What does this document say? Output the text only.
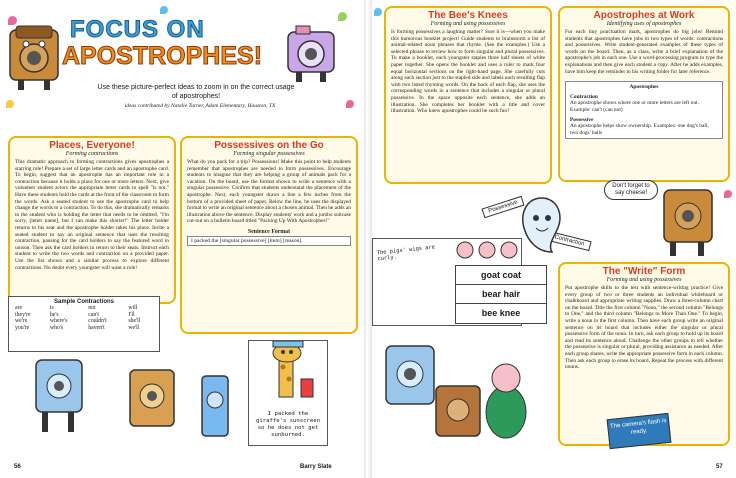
FOCUS ON
APOSTROPHES!
Use these picture-perfect ideas to zoom in on the correct usage of apostrophes!
ideas contributed by Natalie Turner, Adam Elementary, Houston, TX
Places, Everyone!
Forming contractions

This dramatic approach to forming contractions gives apostrophes a starring role! Prepare a set of large letter cards and an apostrophe card. To begin, suggest that an apostrophe has an important role in a contraction because it holds a place for one or more letters. Next, give volunteer student actors the appropriate letter cards to spell "is not." Have these students hold the cards at the front of the classroom to form the words. Ask a seated student to use the apostrophe card to help change the words to a contraction. To do this, she dramatically remarks to the student who is holding the letter that needs to be omitted, "I'm sorry, [letter name], but I can make this shorter!" The letter holder returns to his seat and the apostrophe holder takes his place. Invite a seated student to say an original sentence that uses the resulting contraction, pausing for the card holders to say the featured word in unison. Then ask the card holders to return to their seats. Instruct each student to write the two words and contraction on a provided paper. Use the list shown and a similar process to explore different contractions. No doubt every youngster will want a role!

Sample Contractions
are	is	not	will
they're	he's	can't	I'll
we're	where's	couldn't	she'll
you're	who's	haven't	we'll
Possessives on the Go
Forming singular possessives

What do you pack for a trip? Possessions! Make this point to help students remember that apostrophes are needed to form possessives. Encourage students to imagine that they are helping a group of animals pack for a vacation. On the board, use the format shown to write a sentence with a singular possessive. Confirm that students understand the placement of the apostrophe. Next, each youngster draws a line a few inches from the bottom of a provided sheet of paper. Below the line, he uses the displayed format to write an original sentence about a chosen animal. Then he adds an illustration above the sentence. Display students' work and a jumbo suitcase cut-out on a bulletin board titled "Packing Up With Apostrophes!"

Sentence Format
I packed the [singular possessive] [item] [reason].
I packed the giraffe's sunscreen so he does not get sunburned.
56	Barry Slate
The Bee's Knees
Forming and using possessives

Is forming possessives a laughing matter? Sure it is—when you make this humorous booklet project! Guide students to brainstorm a list of animal-related noun phrases that rhyme. (See the examples.) Use a selected phrase to review how to form singular and plural possessives. To make a booklet, each youngster staples three half sheets of white paper together. She opens the booklet and uses a ruler to mark four equal horizontal sections on the right-hand page. She carefully cuts along each section just to the stapled side and labels each resulting flap with two listed rhyming words. On the back of each flap, she uses the corresponding words in a sentence that includes a singular or plural possessive. In the space opposite each sentence, she adds an illustration. She completes her booklet with a title and cover illustration. Who knew apostrophes could be such fun?

The pigs' wigs are curly.
goat coat
bear hair
bee knee
Apostrophes at Work
Identifying uses of apostrophes

For each tiny punctuation mark, apostrophes do big jobs! Remind students that apostrophes have jobs in two types of words: contractions and possessives. Write student-generated examples of these types of words on the board. Then, as a class, write a brief explanation of the apostrophe's job in each one. Use a word-processing program to type the explanations and then give each student a copy. After he adds examples, have him keep the reminder in his writing folder for later reference.

Apostrophes
Contraction
An apostrophe shows where one or more letters are left out. Example: can't (can not)
Possessive
An apostrophe helps show ownership. Examples: one dog's ball, two dogs' balls
Possessive
Contraction
Don't forget to say cheese!
The "Write" Form
Forming and using possessives

Put apostrophe skills to the test with sentence-writing practice! Give every group of two or three students an individual whiteboard or chalkboard and appropriate writing supplies. Draw a three-column chart on the board. Title the first column "Noun," the second column "Belongs to One," and the third column "Belongs to More Than One." To begin, write a noun in the first column. Then have each group write an original sentence on its board that includes either the singular or plural possessive form of the noun. In turn, ask each group to hold up its board and read its sentence aloud. Challenge the other groups to tell whether the possessive is singular or plural, providing assistance as needed. After each group shares, write the appropriate possessive form in each column. Then ask each group to erase its board. Repeat the process with different nouns.

The camera's flash is ready.
57
